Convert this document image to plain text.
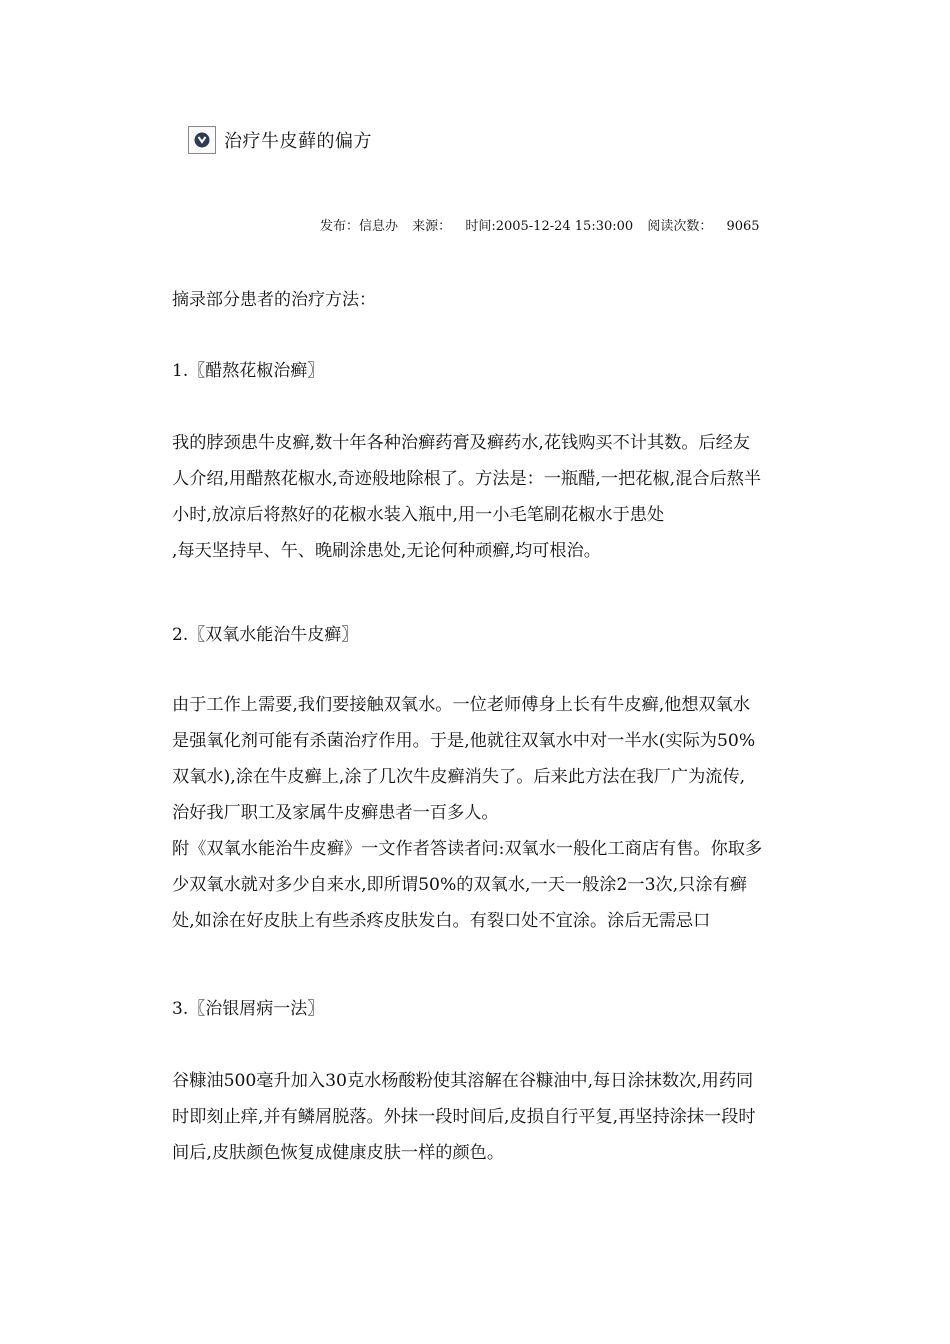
治疗牛皮藓的偏方
发布：信息办 来源： 时间:2005-12-24 15:30:00 阅读次数： 9065
摘录部分患者的治疗方法：
1.〖醋熬花椒治癣〗
我的脖颈患牛皮癣,数十年各种治癣药膏及癣药水,花钱购买不计其数。后经友
人介绍,用醋熬花椒水,奇迹般地除根了。方法是：一瓶醋,一把花椒,混合后熬半
小时,放凉后将熬好的花椒水装入瓶中,用一小毛笔刷花椒水于患处
,每天坚持早、午、晚刷涂患处,无论何种顽癣,均可根治。
2.〖双氧水能治牛皮癣〗
由于工作上需要,我们要接触双氧水。一位老师傅身上长有牛皮癣,他想双氧水
是强氧化剂可能有杀菌治疗作用。于是,他就往双氧水中对一半水(实际为50%
双氧水),涂在牛皮癣上,涂了几次牛皮癣消失了。后来此方法在我厂广为流传,
治好我厂职工及家属牛皮癣患者一百多人。
附《双氧水能治牛皮癣》一文作者答读者问:双氧水一般化工商店有售。你取多
少双氧水就对多少自来水,即所谓50%的双氧水,一天一般涂2一3次,只涂有癣
处,如涂在好皮肤上有些杀疼皮肤发白。有裂口处不宜涂。涂后无需忌口
3.〖治银屑病一法〗
谷糠油500毫升加入30克水杨酸粉使其溶解在谷糠油中,每日涂抹数次,用药同
时即刻止痒,并有鳞屑脱落。外抹一段时间后,皮损自行平复,再坚持涂抹一段时
间后,皮肤颜色恢复成健康皮肤一样的颜色。
